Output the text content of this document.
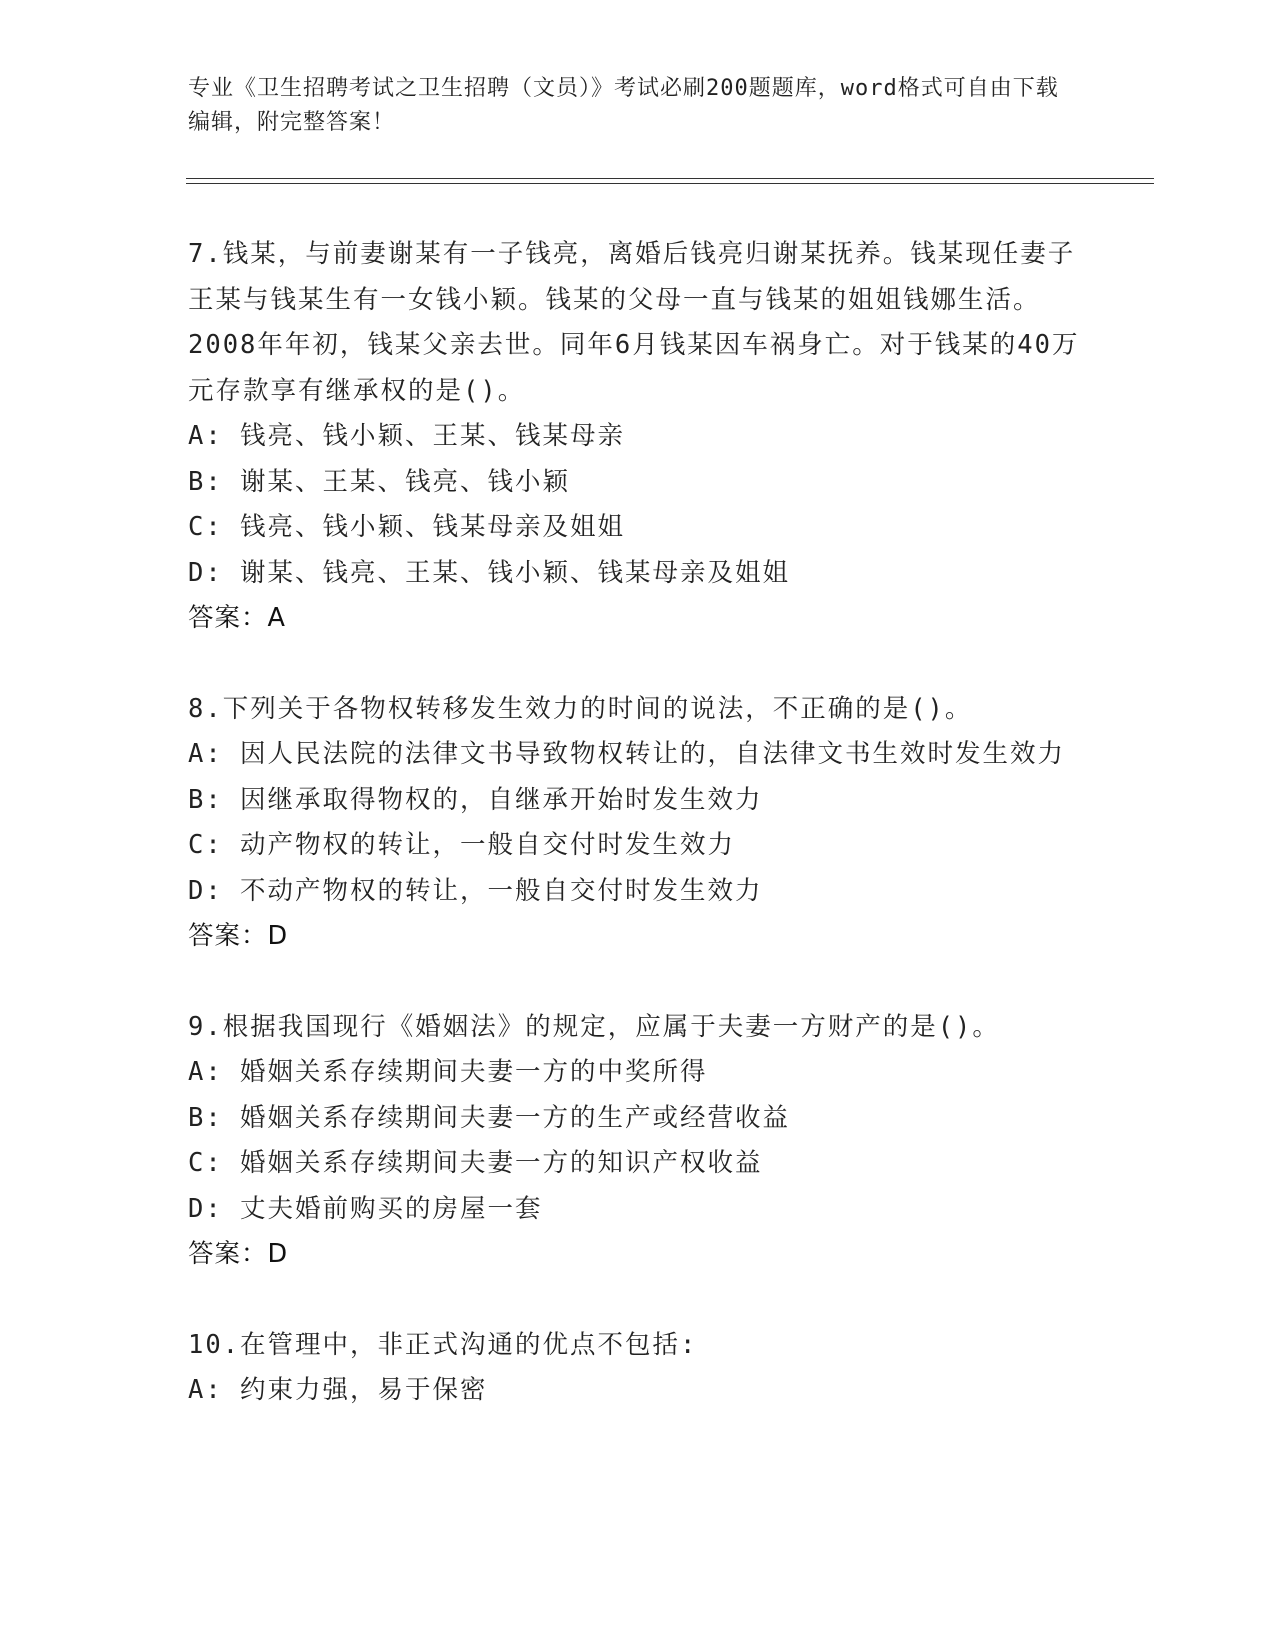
专业《卫生招聘考试之卫生招聘（文员）》考试必刷200题题库，word格式可自由下载编辑，附完整答案！

7.钱某，与前妻谢某有一子钱亮，离婚后钱亮归谢某抚养。钱某现任妻子王某与钱某生有一女钱小颖。钱某的父母一直与钱某的姐姐钱娜生活。2008年年初，钱某父亲去世。同年6月钱某因车祸身亡。对于钱某的40万元存款享有继承权的是()。

A: 钱亮、钱小颖、王某、钱某母亲

B: 谢某、王某、钱亮、钱小颖

C: 钱亮、钱小颖、钱某母亲及姐姐

D: 谢某、钱亮、王某、钱小颖、钱某母亲及姐姐

答案：A

8.下列关于各物权转移发生效力的时间的说法，不正确的是()。

A: 因人民法院的法律文书导致物权转让的，自法律文书生效时发生效力

B: 因继承取得物权的，自继承开始时发生效力

C: 动产物权的转让，一般自交付时发生效力

D: 不动产物权的转让，一般自交付时发生效力

答案：D

9.根据我国现行《婚姻法》的规定，应属于夫妻一方财产的是()。

A: 婚姻关系存续期间夫妻一方的中奖所得

B: 婚姻关系存续期间夫妻一方的生产或经营收益

C: 婚姻关系存续期间夫妻一方的知识产权收益

D: 丈夫婚前购买的房屋一套

答案：D

10.在管理中，非正式沟通的优点不包括:

A: 约束力强，易于保密
